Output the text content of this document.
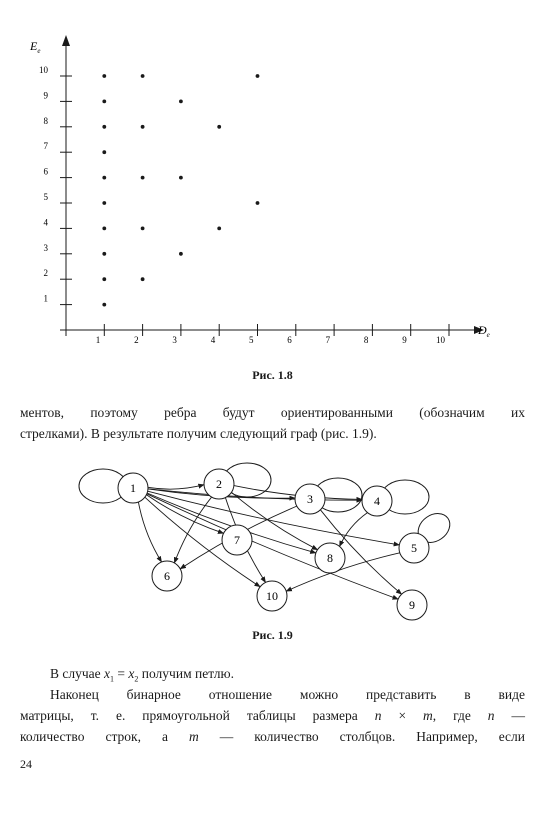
1	2	3	4	5	6	7	8	9	10
1
2
3
4
5
6
7
8
9
10
$E_e$
$D_e$
Рис. 1.8
ментов, поэтому ребра будут ориентированными (обозначим их
стрелками). В результате получим следующий граф (рис. 1.9).
1	2
3	4
5
6
7
8
9
10
Рис. 1.9
В случае $x_1 = x_2$ получим петлю.
Наконец бинарное отношение можно представить в виде
матрицы, т. е. прямоугольной таблицы размера n × m, где n —
количество строк, а m — количество столбцов. Например, если
24
